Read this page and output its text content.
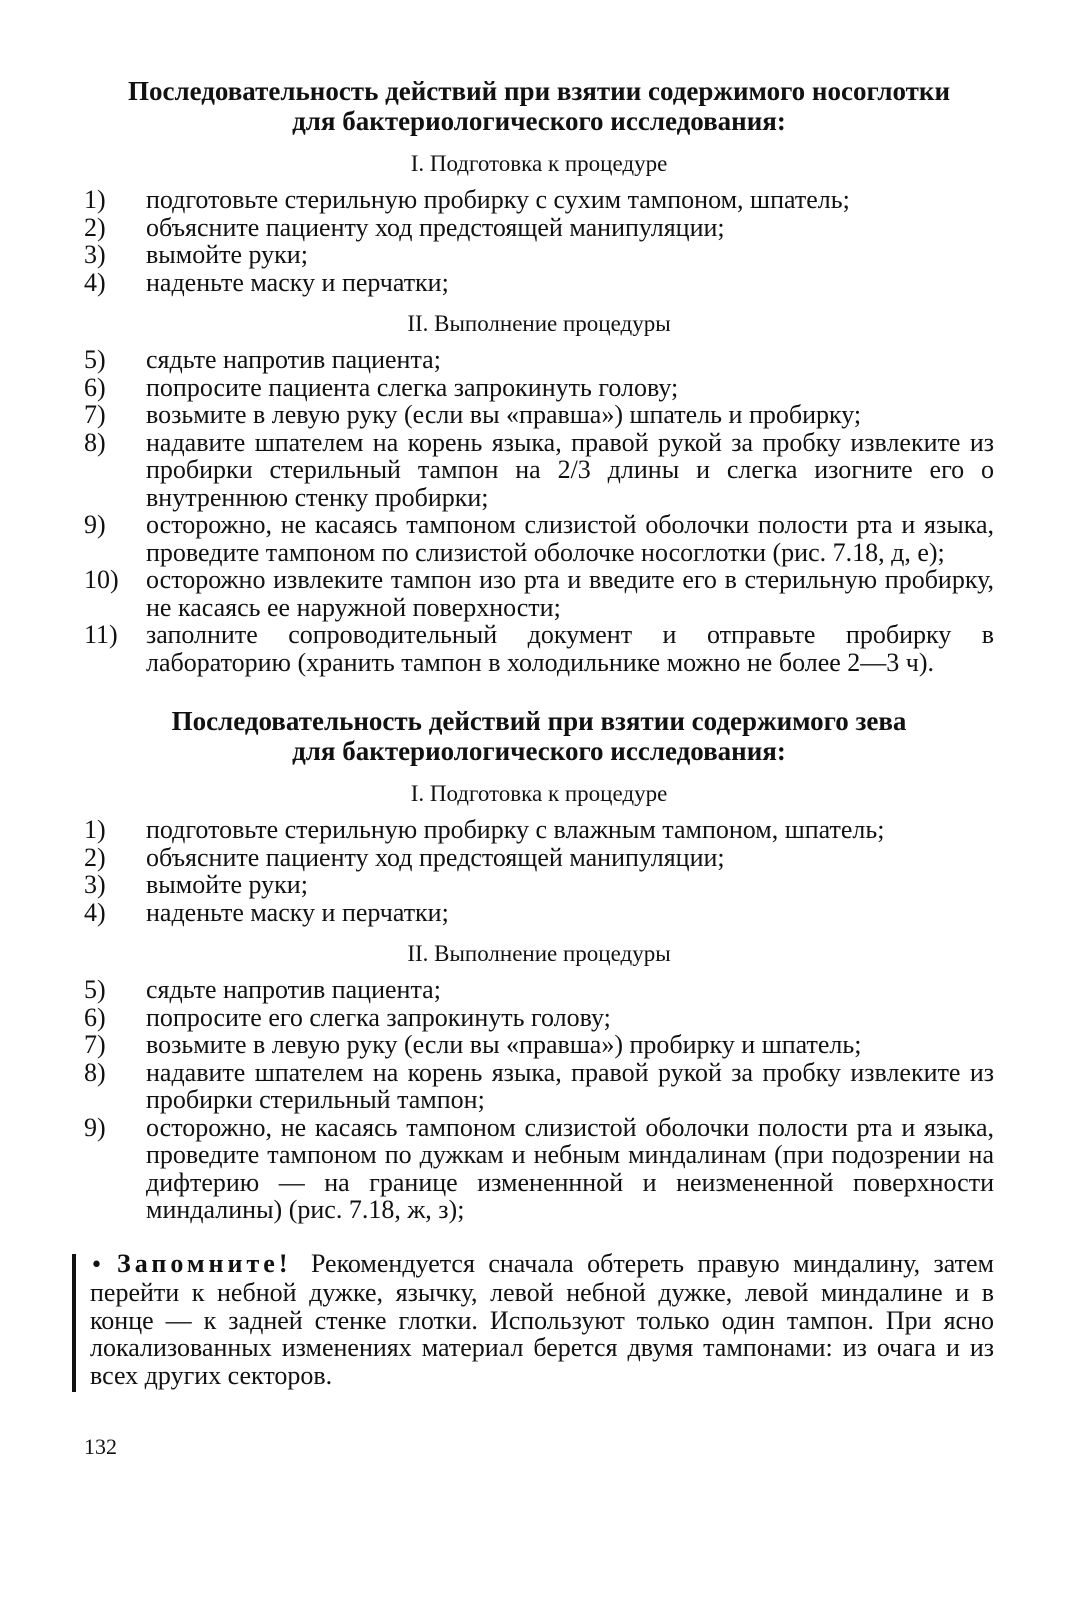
Последовательность действий при взятии содержимого носоглотки
для бактериологического исследования:
I. Подготовка к процедуре
1)	подготовьте стерильную пробирку с сухим тампоном, шпатель;
2)	объясните пациенту ход предстоящей манипуляции;
3)	вымойте руки;
4)	наденьте маску и перчатки;
II. Выполнение процедуры
5)	сядьте напротив пациента;
6)	попросите пациента слегка запрокинуть голову;
7)	возьмите в левую руку (если вы «правша») шпатель и пробирку;
8)	надавите шпателем на корень языка, правой рукой за пробку извлеките из пробирки стерильный тампон на 2/3 длины и слегка изогните его о внутреннюю стенку пробирки;
9)	осторожно, не касаясь тампоном слизистой оболочки полости рта и языка, проведите тампоном по слизистой оболочке носоглотки (рис. 7.18, д, е);
10)	осторожно извлеките тампон изо рта и введите его в стерильную пробирку, не касаясь ее наружной поверхности;
11)	заполните сопроводительный документ и отправьте пробирку в лабораторию (хранить тампон в холодильнике можно не более 2—3 ч).
Последовательность действий при взятии содержимого зева
для бактериологического исследования:
I. Подготовка к процедуре
1)	подготовьте стерильную пробирку с влажным тампоном, шпатель;
2)	объясните пациенту ход предстоящей манипуляции;
3)	вымойте руки;
4)	наденьте маску и перчатки;
II. Выполнение процедуры
5)	сядьте напротив пациента;
6)	попросите его слегка запрокинуть голову;
7)	возьмите в левую руку (если вы «правша») пробирку и шпатель;
8)	надавите шпателем на корень языка, правой рукой за пробку извлеките из пробирки стерильный тампон;
9)	осторожно, не касаясь тампоном слизистой оболочки полости рта и языка, проведите тампоном по дужкам и небным миндалинам (при подозрении на дифтерию — на границе измененнной и неизмененной поверхности миндалины) (рис. 7.18, ж, з);
• Запомните! Рекомендуется сначала обтереть правую миндалину, затем перейти к небной дужке, язычку, левой небной дужке, левой миндалине и в конце — к задней стенке глотки. Используют только один тампон. При ясно локализованных изменениях материал берется двумя тампонами: из очага и из всех других секторов.
132
